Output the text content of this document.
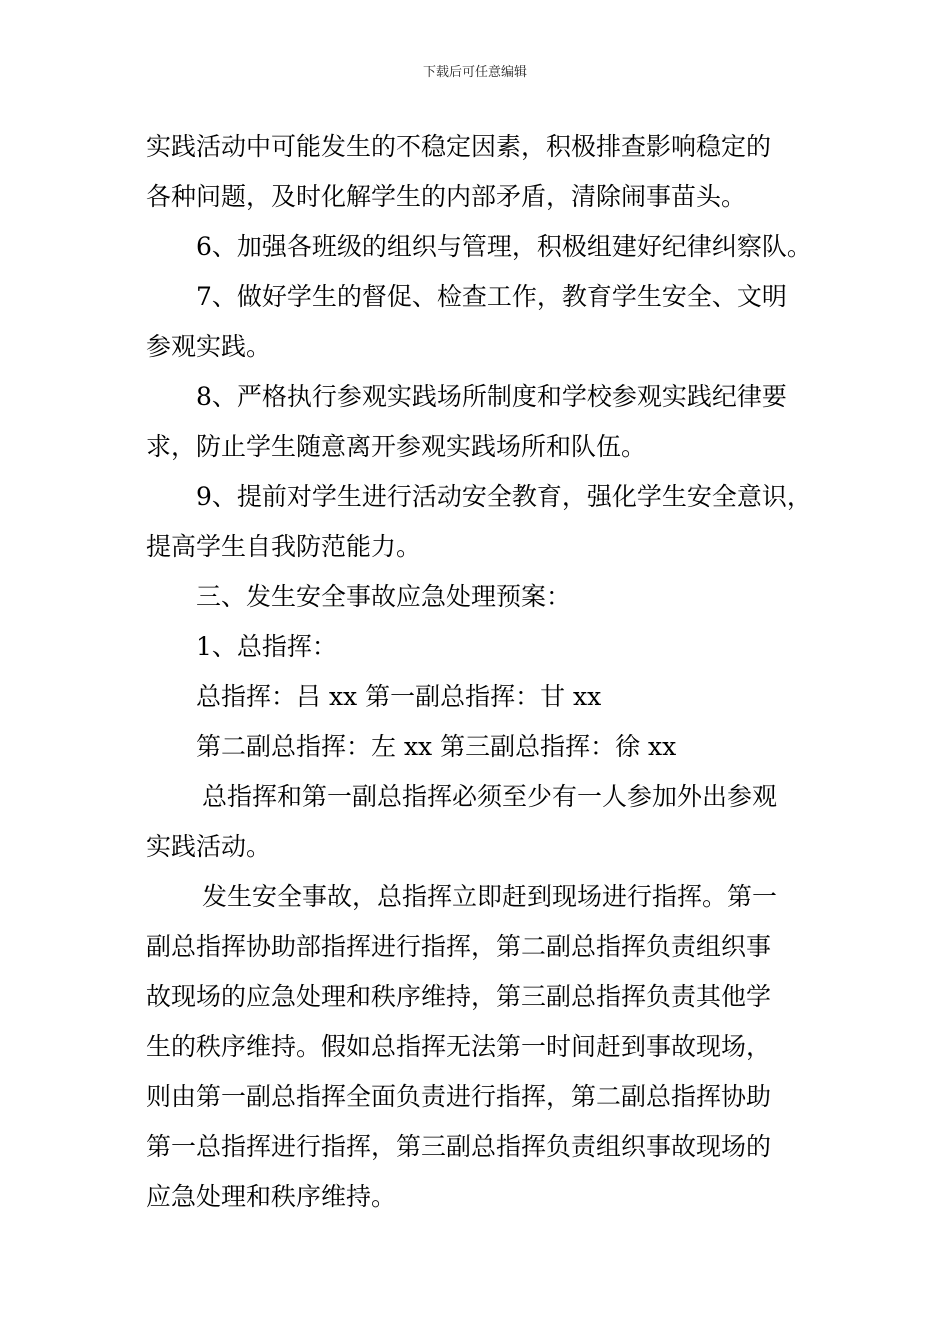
下载后可任意编辑

实践活动中可能发生的不稳定因素，积极排查影响稳定的

各种问题，及时化解学生的内部矛盾，清除闹事苗头。

6、加强各班级的组织与管理，积极组建好纪律纠察队。

7、做好学生的督促、检查工作，教育学生安全、文明

参观实践。

8、严格执行参观实践场所制度和学校参观实践纪律要

求，防止学生随意离开参观实践场所和队伍。

9、提前对学生进行活动安全教育，强化学生安全意识，

提高学生自我防范能力。

三、发生安全事故应急处理预案：

1、总指挥：

总指挥：吕 xx 第一副总指挥：甘 xx

第二副总指挥：左 xx 第三副总指挥：徐 xx

总指挥和第一副总指挥必须至少有一人参加外出参观

实践活动。

发生安全事故，总指挥立即赶到现场进行指挥。第一

副总指挥协助部指挥进行指挥，第二副总指挥负责组织事

故现场的应急处理和秩序维持，第三副总指挥负责其他学

生的秩序维持。假如总指挥无法第一时间赶到事故现场，

则由第一副总指挥全面负责进行指挥，第二副总指挥协助

第一总指挥进行指挥，第三副总指挥负责组织事故现场的

应急处理和秩序维持。
